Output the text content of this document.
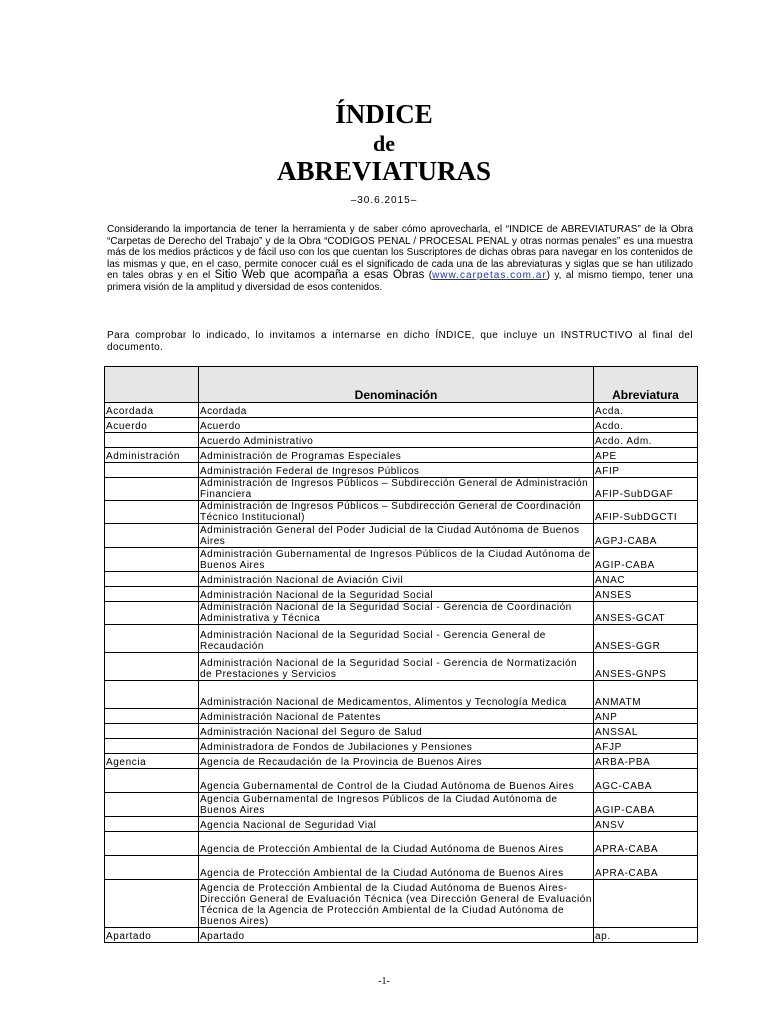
ÍNDICE
de
ABREVIATURAS
–30.6.2015–
Considerando la importancia de tener la herramienta y de saber cómo aprovecharla, el “INDICE de ABREVIATURAS” de la Obra “Carpetas de Derecho del Trabajo” y de la Obra “CODIGOS PENAL / PROCESAL PENAL y otras normas penales” es una muestra más de los medios prácticos y de fácil uso con los que cuentan los Suscriptores de dichas obras para navegar en los contenidos de las mismas y que, en el caso, permite conocer cuál es el significado de cada una de las abreviaturas y siglas que se han utilizado en tales obras y en el Sitio Web que acompaña a esas Obras (www.carpetas.com.ar) y, al mismo tiempo, tener una primera visión de la amplitud y diversidad de esos contenidos.
Para comprobar lo indicado, lo invitamos a internarse en dicho ÍNDICE, que incluye un INSTRUCTIVO al final del documento.
	Denominación	Abreviatura
Acordada	Acordada	Acda.
Acuerdo	Acuerdo	Acdo.
	Acuerdo Administrativo	Acdo. Adm.
Administración	Administración de Programas Especiales	APE
	Administración Federal de Ingresos Públicos	AFIP
	Administración de Ingresos Públicos – Subdirección General de Administración Financiera	AFIP-SubDGAF
	Administración de Ingresos Públicos – Subdirección General de Coordinación Técnico Institucional)	AFIP-SubDGCTI
	Administración General del Poder Judicial de la Ciudad Autónoma de Buenos Aires	AGPJ-CABA
	Administración Gubernamental de Ingresos Públicos de la Ciudad Autónoma de Buenos Aires	AGIP-CABA
	Administración Nacional de Aviación Civil	ANAC
	Administración Nacional de la Seguridad Social	ANSES
	Administración Nacional de la Seguridad Social - Gerencia de Coordinación Administrativa y Técnica	ANSES-GCAT
	Administración Nacional de la Seguridad Social - Gerencia General de Recaudación	ANSES-GGR
	Administración Nacional de la Seguridad Social - Gerencia de Normatización de Prestaciones y Servicios	ANSES-GNPS
	Administración Nacional de Medicamentos, Alimentos y Tecnología Medica	ANMATM
	Administración Nacional de Patentes	ANP
	Administración Nacional del Seguro de Salud	ANSSAL
	Administradora de Fondos de Jubilaciones y Pensiones	AFJP
Agencia	Agencia de Recaudación de la Provincia de Buenos Aires	ARBA-PBA
	Agencia Gubernamental de Control de la Ciudad Autónoma de Buenos Aires	AGC-CABA
	Agencia Gubernamental de Ingresos Públicos de la Ciudad Autónoma de Buenos Aires	AGIP-CABA
	Agencia Nacional de Seguridad Vial	ANSV
	Agencia de Protección Ambiental de la Ciudad Autónoma de Buenos Aires	APRA-CABA
	Agencia de Protección Ambiental de la Ciudad Autónoma de Buenos Aires	APRA-CABA
	Agencia de Protección Ambiental de la Ciudad Autónoma de Buenos Aires-Dirección General de Evaluación Técnica (vea Dirección General de Evaluación Técnica de la Agencia de Protección Ambiental de la Ciudad Autónoma de Buenos Aires)	
Apartado	Apartado	ap.
-1-
